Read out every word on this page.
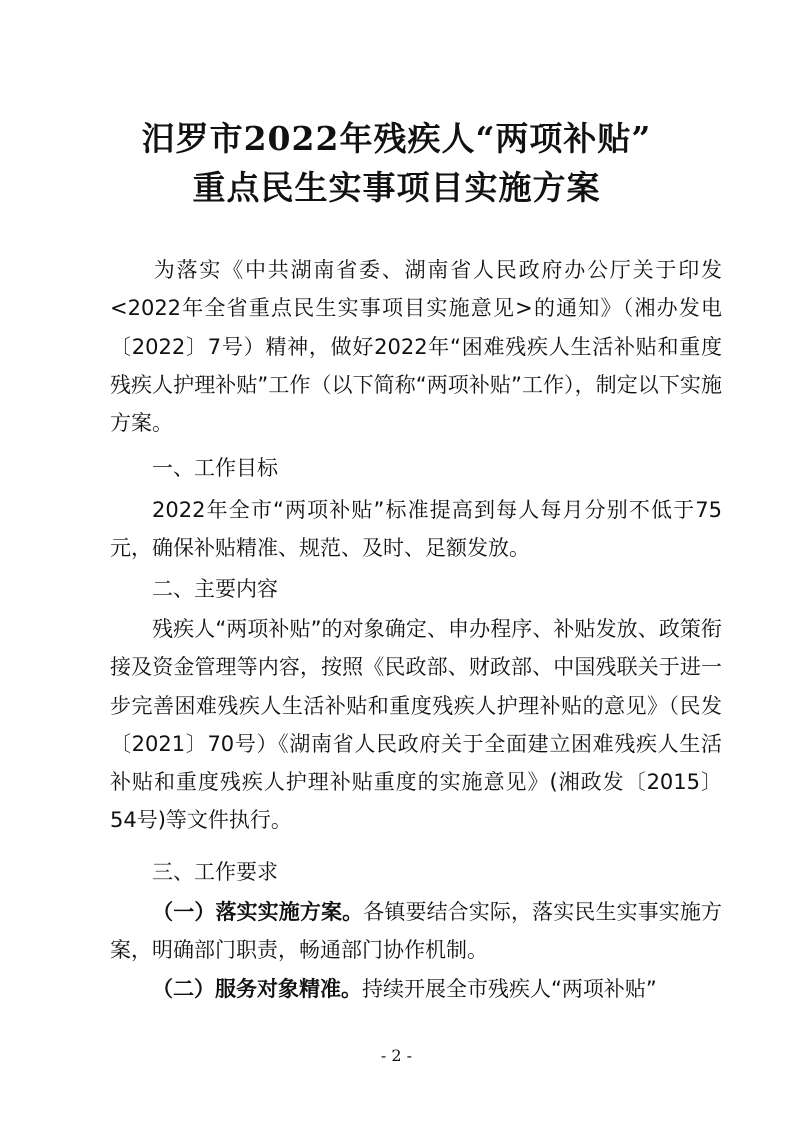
汨罗市2022年残疾人“两项补贴”
重点民生实事项目实施方案

为落实《中共湖南省委、湖南省人民政府办公厅关于印发<2022年全省重点民生实事项目实施意见>的通知》（湘办发电〔2022〕7号）精神，做好2022年“困难残疾人生活补贴和重度残疾人护理补贴”工作（以下简称“两项补贴”工作），制定以下实施方案。

一、工作目标

2022年全市“两项补贴”标准提高到每人每月分别不低于75元，确保补贴精准、规范、及时、足额发放。

二、主要内容

残疾人“两项补贴”的对象确定、申办程序、补贴发放、政策衔接及资金管理等内容，按照《民政部、财政部、中国残联关于进一步完善困难残疾人生活补贴和重度残疾人护理补贴的意见》（民发〔2021〕70号）《湖南省人民政府关于全面建立困难残疾人生活补贴和重度残疾人护理补贴重度的实施意见》(湘政发〔2015〕54号)等文件执行。

三、工作要求

（一）落实实施方案。各镇要结合实际，落实民生实事实施方案，明确部门职责，畅通部门协作机制。

（二）服务对象精准。持续开展全市残疾人“两项补贴”

- 2 -
